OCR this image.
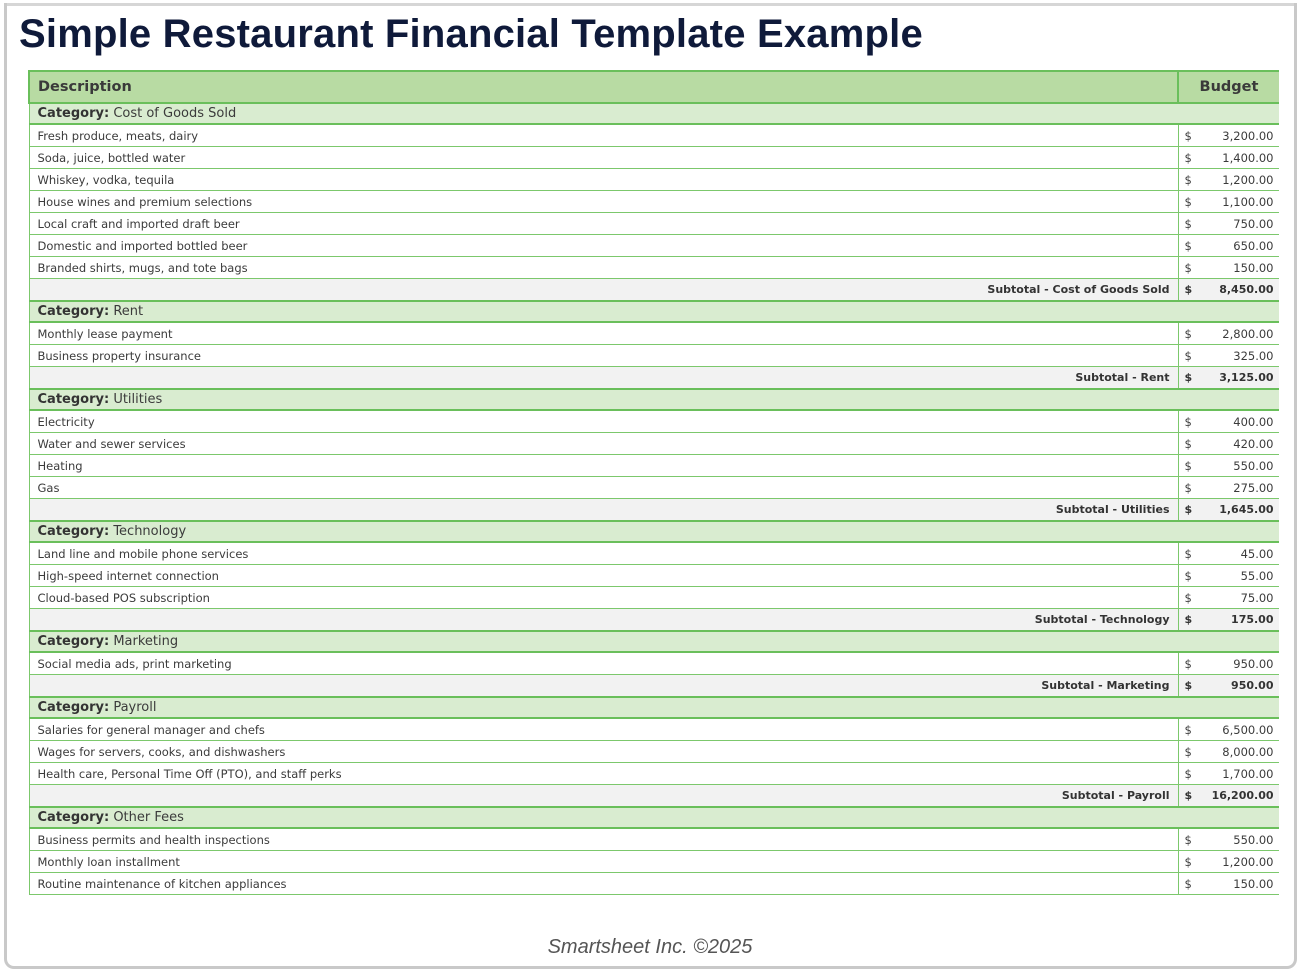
Simple Restaurant Financial Template Example
Description	Budget
Category: Cost of Goods Sold	
Fresh produce, meats, dairy	$ 3,200.00

Soda, juice, bottled water	$ 1,400.00

Whiskey, vodka, tequila	$ 1,200.00

House wines and premium selections	$ 1,100.00

Local craft and imported draft beer	$ 750.00

Domestic and imported bottled beer	$ 650.00

Branded shirts, mugs, and tote bags	$ 150.00

Subtotal - Cost of Goods Sold	$ 8,450.00

Category: Rent	
Monthly lease payment	$ 2,800.00

Business property insurance	$ 325.00

Subtotal - Rent	$ 3,125.00

Category: Utilities	
Electricity	$ 400.00

Water and sewer services	$ 420.00

Heating	$ 550.00

Gas	$ 275.00

Subtotal - Utilities	$ 1,645.00

Category: Technology	
Land line and mobile phone services	$ 45.00

High-speed internet connection	$ 55.00

Cloud-based POS subscription	$ 75.00

Subtotal - Technology	$ 175.00

Category: Marketing	
Social media ads, print marketing	$ 950.00

Subtotal - Marketing	$ 950.00

Category: Payroll	
Salaries for general manager and chefs	$ 6,500.00

Wages for servers, cooks, and dishwashers	$ 8,000.00

Health care, Personal Time Off (PTO), and staff perks	$ 1,700.00

Subtotal - Payroll	$ 16,200.00

Category: Other Fees	
Business permits and health inspections	$ 550.00

Monthly loan installment	$ 1,200.00

Routine maintenance of kitchen appliances	$ 150.00
Smartsheet Inc. ©2025
